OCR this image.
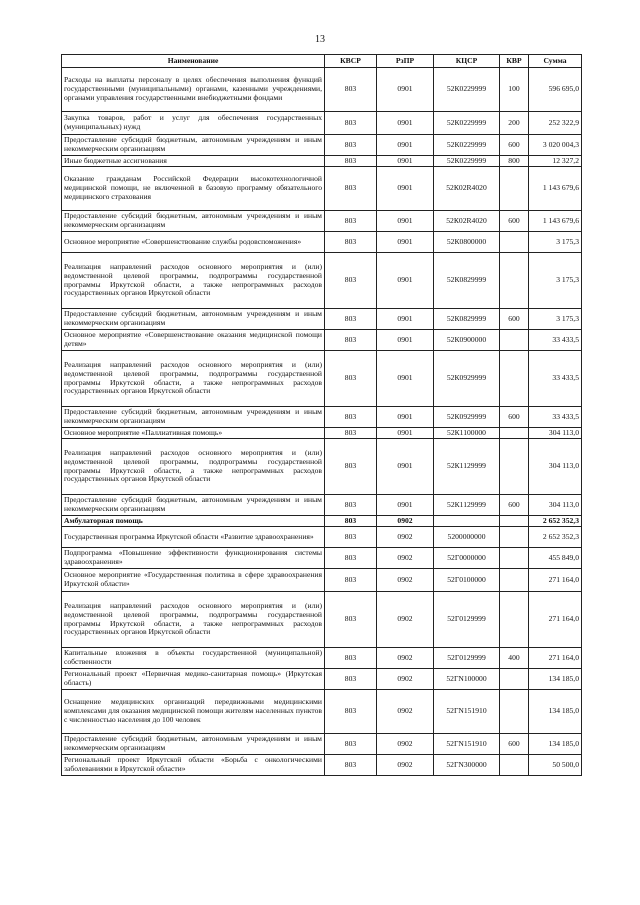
13
Наименование	КВСР	РзПР	КЦСР	КВР	Сумма
Расходы на выплаты персоналу в целях обеспечения выполнения функций государственными (муниципальными) органами, казенными учреждениями, органами управления государственными внебюджетными фондами	803	0901	52К0229999	100	596 695,0
Закупка товаров, работ и услуг для обеспечения государственных (муниципальных) нужд	803	0901	52К0229999	200	252 322,9
Предоставление субсидий бюджетным, автономным учреждениям и иным некоммерческим организациям	803	0901	52К0229999	600	3 020 004,3
Иные бюджетные ассигнования	803	0901	52К0229999	800	12 327,2
Оказание гражданам Российской Федерации высокотехнологичной медицинской помощи, не включенной в базовую программу обязательного медицинского страхования	803	0901	52К02R4020		1 143 679,6
Предоставление субсидий бюджетным, автономным учреждениям и иным некоммерческим организациям	803	0901	52К02R4020	600	1 143 679,6
Основное мероприятие «Совершенствование службы родовспоможения»	803	0901	52К0800000		3 175,3
Реализация направлений расходов основного мероприятия и (или) ведомственной целевой программы, подпрограммы государственной программы Иркутской области, а также непрограммных расходов государственных органов Иркутской области	803	0901	52К0829999		3 175,3
Предоставление субсидий бюджетным, автономным учреждениям и иным некоммерческим организациям	803	0901	52К0829999	600	3 175,3
Основное мероприятие «Совершенствование оказания медицинской помощи детям»	803	0901	52К0900000		33 433,5
Реализация направлений расходов основного мероприятия и (или) ведомственной целевой программы, подпрограммы государственной программы Иркутской области, а также непрограммных расходов государственных органов Иркутской области	803	0901	52К0929999		33 433,5
Предоставление субсидий бюджетным, автономным учреждениям и иным некоммерческим организациям	803	0901	52К0929999	600	33 433,5
Основное мероприятие «Паллиативная помощь»	803	0901	52К1100000		304 113,0
Реализация направлений расходов основного мероприятия и (или) ведомственной целевой программы, подпрограммы государственной программы Иркутской области, а также непрограммных расходов государственных органов Иркутской области	803	0901	52К1129999		304 113,0
Предоставление субсидий бюджетным, автономным учреждениям и иным некоммерческим организациям	803	0901	52К1129999	600	304 113,0
Амбулаторная помощь	803	0902			2 652 352,3
Государственная программа Иркутской области «Развитие здравоохранения»	803	0902	5200000000		2 652 352,3
Подпрограмма «Повышение эффективности функционирования системы здравоохранения»	803	0902	52Г0000000		455 849,0
Основное мероприятие «Государственная политика в сфере здравоохранения Иркутской области»	803	0902	52Г0100000		271 164,0
Реализация направлений расходов основного мероприятия и (или) ведомственной целевой программы, подпрограммы государственной программы Иркутской области, а также непрограммных расходов государственных органов Иркутской области	803	0902	52Г0129999		271 164,0
Капитальные вложения в объекты государственной (муниципальной) собственности	803	0902	52Г0129999	400	271 164,0
Региональный проект «Первичная медико-санитарная помощь» (Иркутская область)	803	0902	52ГN100000		134 185,0
Оснащение медицинских организаций передвижными медицинскими комплексами для оказания медицинской помощи жителям населенных пунктов с численностью населения до 100 человек	803	0902	52ГN151910		134 185,0
Предоставление субсидий бюджетным, автономным учреждениям и иным некоммерческим организациям	803	0902	52ГN151910	600	134 185,0
Региональный проект Иркутской области «Борьба с онкологическими заболеваниями в Иркутской области»	803	0902	52ГN300000		50 500,0
